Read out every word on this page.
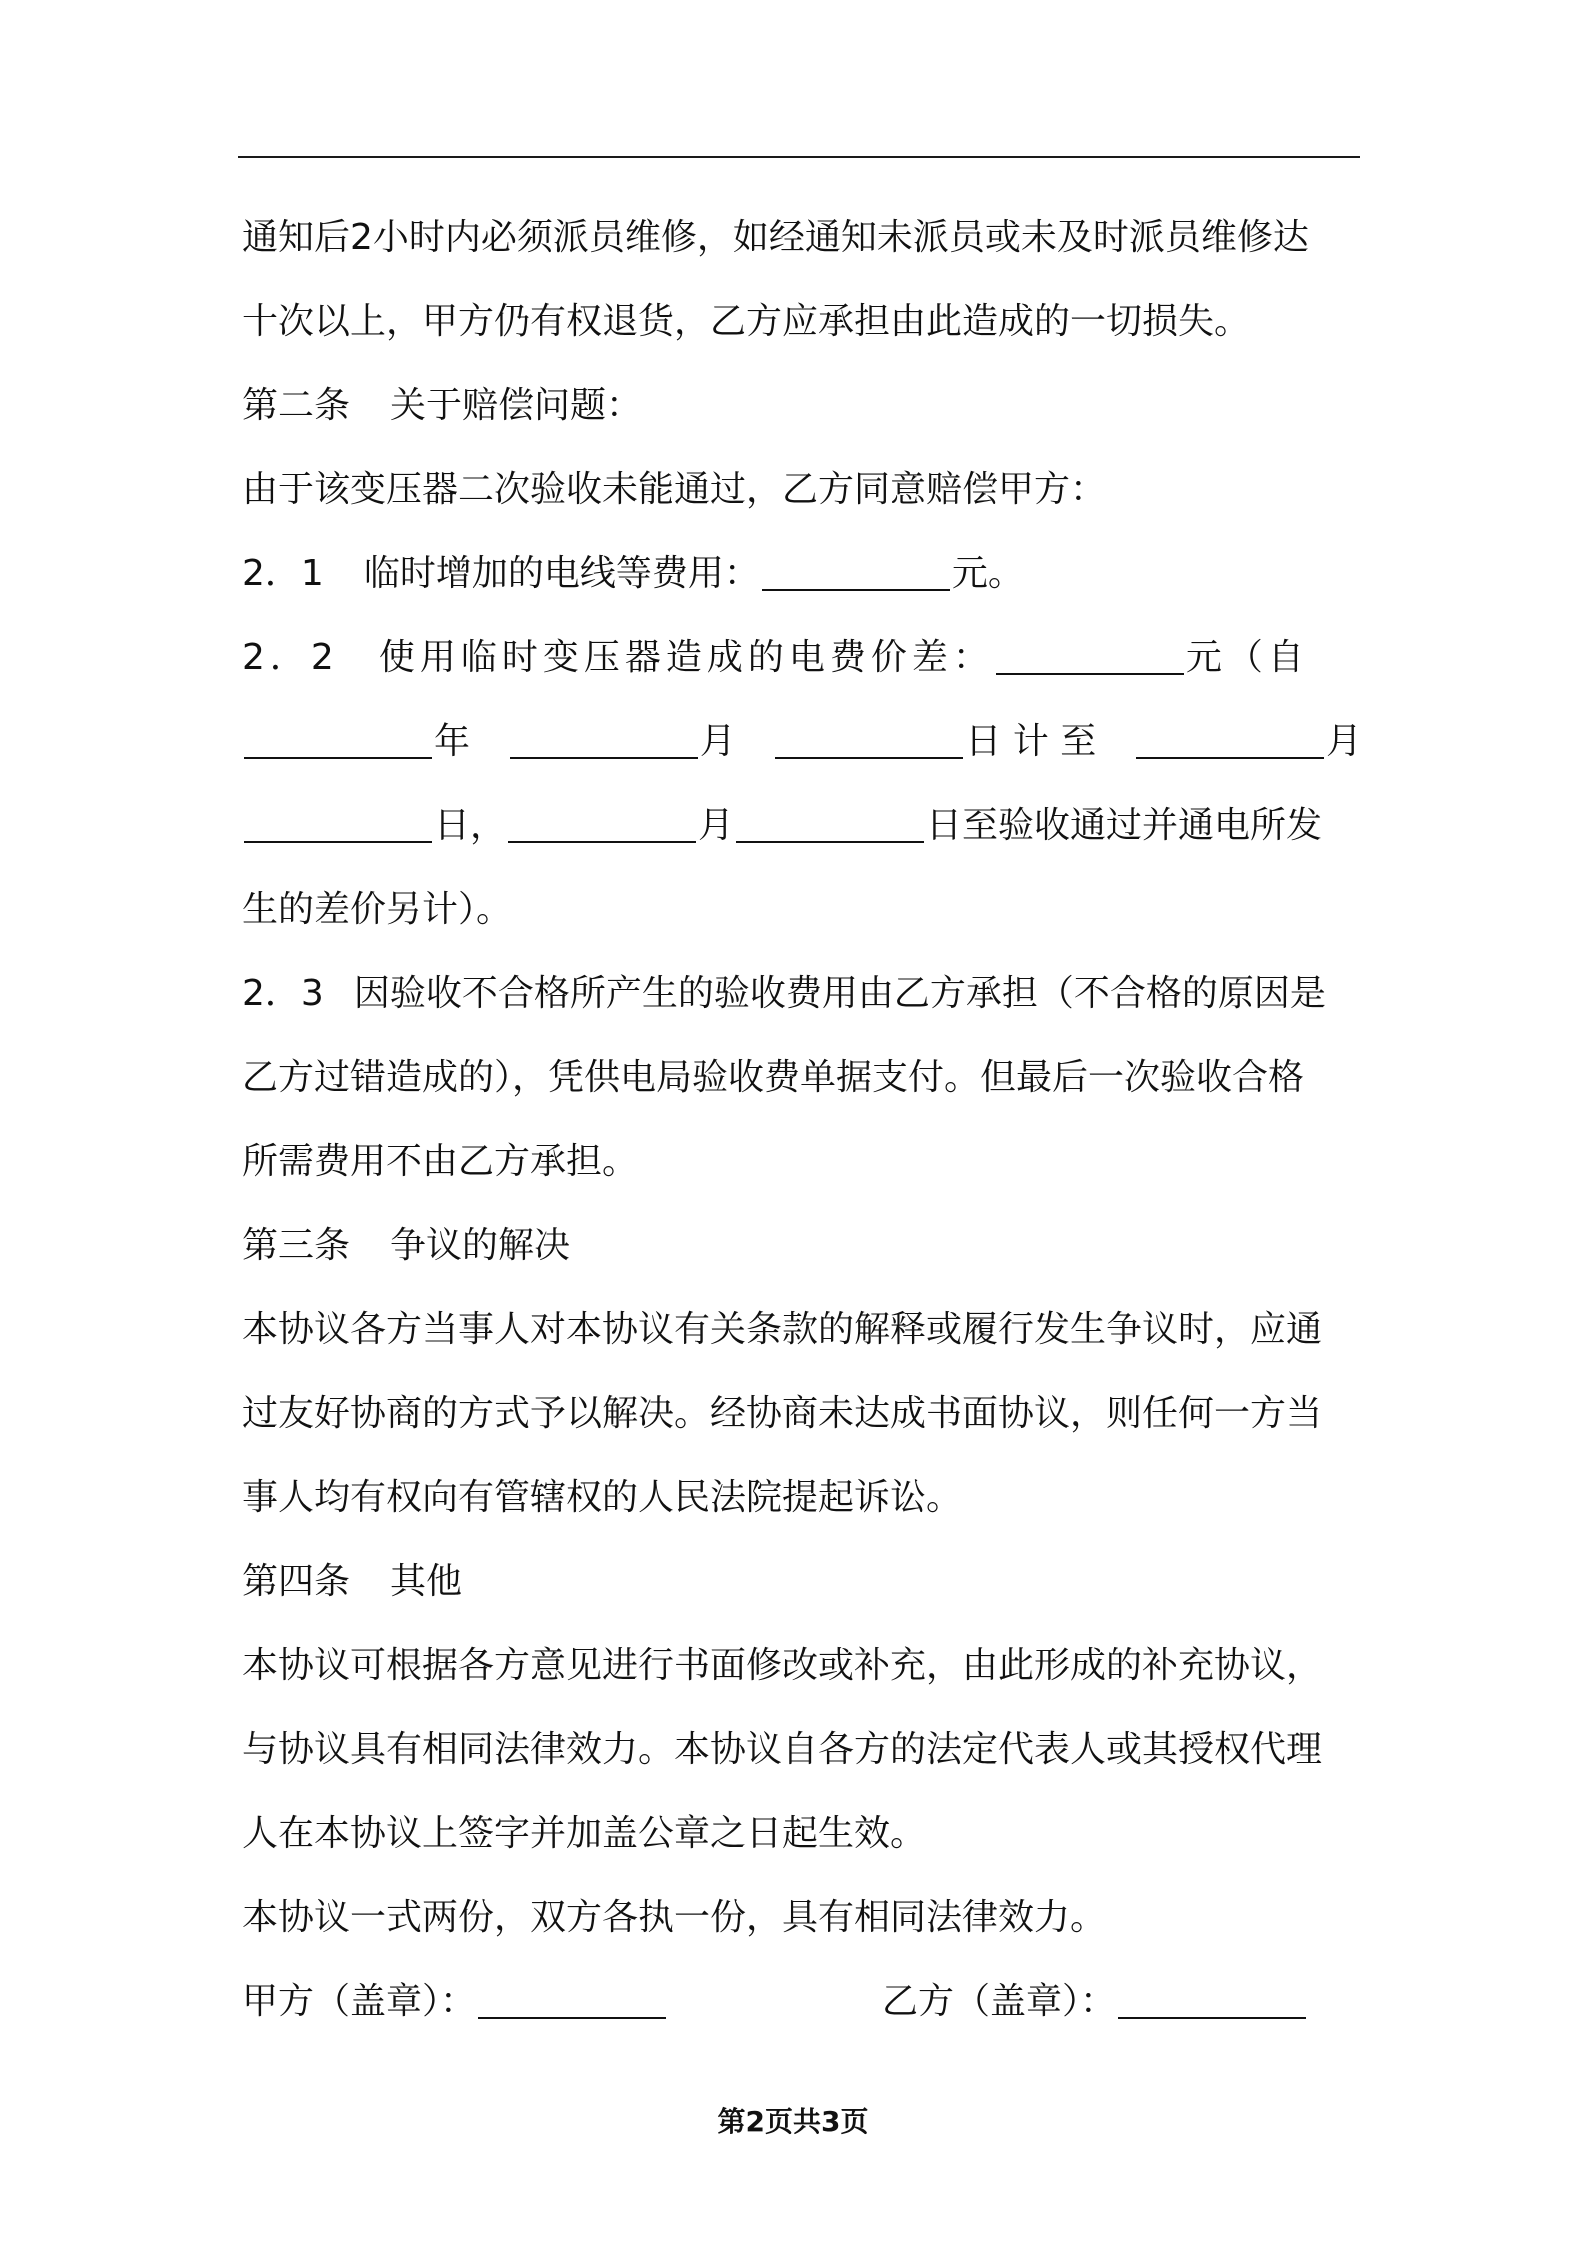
通知后2小时内必须派员维修，如经通知未派员或未及时派员维修达
十次以上，甲方仍有权退货，乙方应承担由此造成的一切损失。
第二条 关于赔偿问题：
由于该变压器二次验收未能通过，乙方同意赔偿甲方：
2．1 临时增加的电线等费用：	元。
2．2 使用临时变压器造成的电费价差：	元（自
年	月	日 计 至	月
日，	月	日至验收通过并通电所发
生的差价另计）。
2．3 因验收不合格所产生的验收费用由乙方承担（不合格的原因是
乙方过错造成的），凭供电局验收费单据支付。但最后一次验收合格
所需费用不由乙方承担。
第三条 争议的解决
本协议各方当事人对本协议有关条款的解释或履行发生争议时，应通
过友好协商的方式予以解决。经协商未达成书面协议，则任何一方当
事人均有权向有管辖权的人民法院提起诉讼。
第四条 其他
本协议可根据各方意见进行书面修改或补充，由此形成的补充协议，
与协议具有相同法律效力。本协议自各方的法定代表人或其授权代理
人在本协议上签字并加盖公章之日起生效。
本协议一式两份，双方各执一份，具有相同法律效力。
甲方（盖章）：	乙方（盖章）：
第2页共3页
